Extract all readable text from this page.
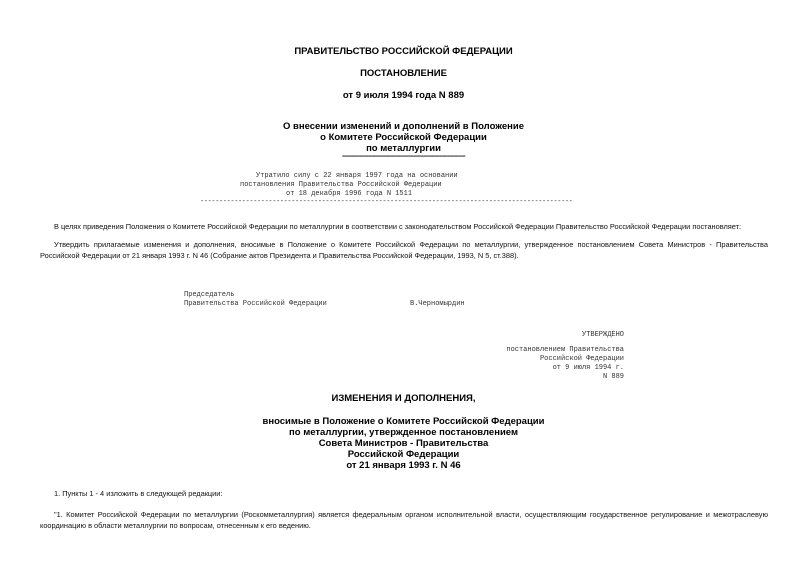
ПРАВИТЕЛЬСТВО РОССИЙСКОЙ ФЕДЕРАЦИИ
ПОСТАНОВЛЕНИЕ
от 9 июля 1994 года N 889
О внесении изменений и дополнений в Положение
о Комитете Российской Федерации
по металлургии
-----------------------------------------------------------------------
Утратило силу с 22 января 1997 года на основании
постановления Правительства Российской Федерации
от 18 декабря 1996 года N 1511
--------------------------------------------------------------------------------------------------
В целях приведения Положения о Комитете Российской Федерации по металлургии в соответствии с законодательством Российской Федерации Правительство Российской Федерации постановляет:
Утвердить прилагаемые изменения и дополнения, вносимые в Положение о Комитете Российской Федерации по металлургии, утвержденное постановлением Совета Министров - Правительства Российской Федерации от 21 января 1993 г. N 46 (Собрание актов Президента и Правительства Российской Федерации, 1993, N 5, ст.388).
Председатель
Правительства Российской Федерации	В.Черномырдин
УТВЕРЖДЕНО
постановлением Правительства
Российской Федерации
от 9 июля 1994 г.
N 889
ИЗМЕНЕНИЯ И ДОПОЛНЕНИЯ,
вносимые в Положение о Комитете Российской Федерации
по металлургии, утвержденное постановлением
Совета Министров - Правительства
Российской Федерации
от 21 января 1993 г. N 46
1. Пункты 1 - 4 изложить в следующей редакции:
"1. Комитет Российской Федерации по металлургии (Роскомметаллургия) является федеральным органом исполнительной власти, осуществляющим государственное регулирование и межотраслевую координацию в области металлургии по вопросам, отнесенным к его ведению.
